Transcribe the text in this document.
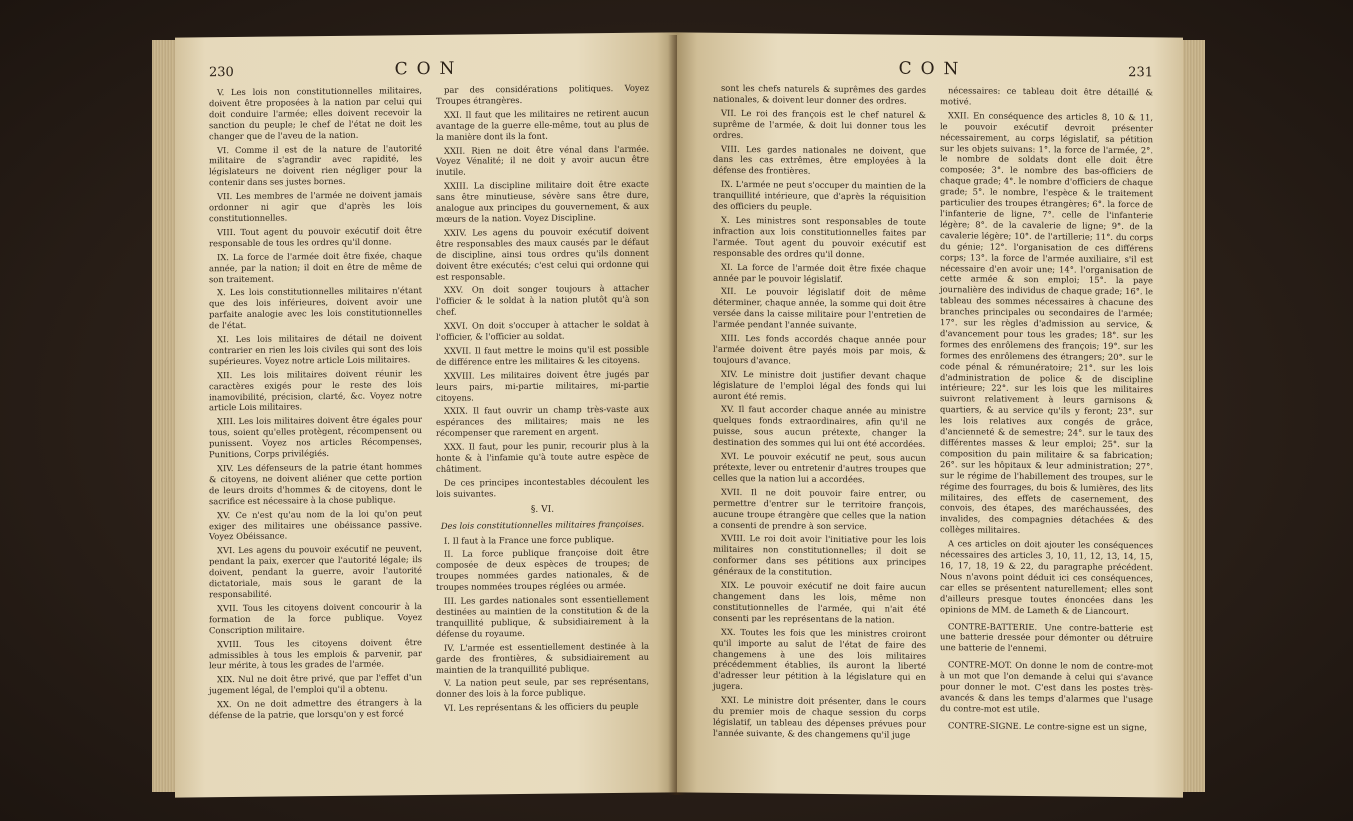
230	CON

V. Les lois non constitutionnelles militaires, doivent être proposées à la nation par celui qui doit conduire l'armée; elles doivent recevoir la sanction du peuple; le chef de l'état ne doit les changer que de l'aveu de la nation.

VI. Comme il est de la nature de l'autorité militaire de s'agrandir avec rapidité, les législateurs ne doivent rien négliger pour la contenir dans ses justes bornes.

VII. Les membres de l'armée ne doivent jamais ordonner ni agir que d'après les lois constitutionnelles.

VIII. Tout agent du pouvoir exécutif doit être responsable de tous les ordres qu'il donne.

IX. La force de l'armée doit être fixée, chaque année, par la nation; il doit en être de même de son traitement.

X. Les lois constitutionnelles militaires n'étant que des lois inférieures, doivent avoir une parfaite analogie avec les lois constitutionnelles de l'état.

XI. Les lois militaires de détail ne doivent contrarier en rien les lois civiles qui sont des lois supérieures. Voyez notre article Lois militaires.

XII. Les lois militaires doivent réunir les caractères exigés pour le reste des lois inamovibilité, précision, clarté, &c. Voyez notre article Lois militaires.

XIII. Les lois militaires doivent être égales pour tous, soient qu'elles protègent, récompensent ou punissent. Voyez nos articles Récompenses, Punitions, Corps privilégiés.

XIV. Les défenseurs de la patrie étant hommes & citoyens, ne doivent aliéner que cette portion de leurs droits d'hommes & de citoyens, dont le sacrifice est nécessaire à la chose publique.

XV. Ce n'est qu'au nom de la loi qu'on peut exiger des militaires une obéissance passive. Voyez Obéissance.

XVI. Les agens du pouvoir exécutif ne peuvent, pendant la paix, exercer que l'autorité légale; ils doivent, pendant la guerre, avoir l'autorité dictatoriale, mais sous le garant de la responsabilité.

XVII. Tous les citoyens doivent concourir à la formation de la force publique. Voyez Conscription militaire.

XVIII. Tous les citoyens doivent être admissibles à tous les emplois & parvenir, par leur mérite, à tous les grades de l'armée.

XIX. Nul ne doit être privé, que par l'effet d'un jugement légal, de l'emploi qu'il a obtenu.

XX. On ne doit admettre des étrangers à la défense de la patrie, que lorsqu'on y est forcé

par des considérations politiques. Voyez Troupes étrangères.

XXI. Il faut que les militaires ne retirent aucun avantage de la guerre elle-même, tout au plus de la manière dont ils la font.

XXII. Rien ne doit être vénal dans l'armée. Voyez Vénalité; il ne doit y avoir aucun être inutile.

XXIII. La discipline militaire doit être exacte sans être minutieuse, sévère sans être dure, analogue aux principes du gouvernement, & aux mœurs de la nation. Voyez Discipline.

XXIV. Les agens du pouvoir exécutif doivent être responsables des maux causés par le défaut de discipline, ainsi tous ordres qu'ils donnent doivent être exécutés; c'est celui qui ordonne qui est responsable.

XXV. On doit songer toujours à attacher l'officier & le soldat à la nation plutôt qu'à son chef.

XXVI. On doit s'occuper à attacher le soldat à l'officier, & l'officier au soldat.

XXVII. Il faut mettre le moins qu'il est possible de différence entre les militaires & les citoyens.

XXVIII. Les militaires doivent être jugés par leurs pairs, mi-partie militaires, mi-partie citoyens.

XXIX. Il faut ouvrir un champ très-vaste aux espérances des militaires; mais ne les récompenser que rarement en argent.

XXX. Il faut, pour les punir, recourir plus à la honte & à l'infamie qu'à toute autre espèce de châtiment.

De ces principes incontestables découlent les lois suivantes.

§. VI.

Des lois constitutionnelles militaires françoises.

I. Il faut à la France une force publique.

II. La force publique françoise doit être composée de deux espèces de troupes; de troupes nommées gardes nationales, & de troupes nommées troupes réglées ou armée.

III. Les gardes nationales sont essentiellement destinées au maintien de la constitution & de la tranquillité publique, & subsidiairement à la défense du royaume.

IV. L'armée est essentiellement destinée à la garde des frontières, & subsidiairement au maintien de la tranquillité publique.

V. La nation peut seule, par ses représentans, donner des lois à la force publique.

VI. Les représentans & les officiers du peuple

CON	231

sont les chefs naturels & suprêmes des gardes nationales, & doivent leur donner des ordres.

VII. Le roi des françois est le chef naturel & suprême de l'armée, & doit lui donner tous les ordres.

VIII. Les gardes nationales ne doivent, que dans les cas extrêmes, être employées à la défense des frontières.

IX. L'armée ne peut s'occuper du maintien de la tranquillité intérieure, que d'après la réquisition des officiers du peuple.

X. Les ministres sont responsables de toute infraction aux lois constitutionnelles faites par l'armée. Tout agent du pouvoir exécutif est responsable des ordres qu'il donne.

XI. La force de l'armée doit être fixée chaque année par le pouvoir législatif.

XII. Le pouvoir législatif doit de même déterminer, chaque année, la somme qui doit être versée dans la caisse militaire pour l'entretien de l'armée pendant l'année suivante.

XIII. Les fonds accordés chaque année pour l'armée doivent être payés mois par mois, & toujours d'avance.

XIV. Le ministre doit justifier devant chaque législature de l'emploi légal des fonds qui lui auront été remis.

XV. Il faut accorder chaque année au ministre quelques fonds extraordinaires, afin qu'il ne puisse, sous aucun prétexte, changer la destination des sommes qui lui ont été accordées.

XVI. Le pouvoir exécutif ne peut, sous aucun prétexte, lever ou entretenir d'autres troupes que celles que la nation lui a accordées.

XVII. Il ne doit pouvoir faire entrer, ou permettre d'entrer sur le territoire françois, aucune troupe étrangère que celles que la nation a consenti de prendre à son service.

XVIII. Le roi doit avoir l'initiative pour les lois militaires non constitutionnelles; il doit se conformer dans ses pétitions aux principes généraux de la constitution.

XIX. Le pouvoir exécutif ne doit faire aucun changement dans les lois, même non constitutionnelles de l'armée, qui n'ait été consenti par les représentans de la nation.

XX. Toutes les fois que les ministres croiront qu'il importe au salut de l'état de faire des changemens à une des lois militaires précédemment établies, ils auront la liberté d'adresser leur pétition à la législature qui en jugera.

XXI. Le ministre doit présenter, dans le cours du premier mois de chaque session du corps législatif, un tableau des dépenses prévues pour l'année suivante, & des changemens qu'il juge

nécessaires: ce tableau doit être détaillé & motivé.

XXII. En conséquence des articles 8, 10 & 11, le pouvoir exécutif devroit présenter nécessairement, au corps législatif, sa pétition sur les objets suivans: 1°. la force de l'armée, 2°. le nombre de soldats dont elle doit être composée; 3°. le nombre des bas-officiers de chaque grade; 4°. le nombre d'officiers de chaque grade; 5°. le nombre, l'espèce & le traitement particulier des troupes étrangères; 6°. la force de l'infanterie de ligne, 7°. celle de l'infanterie légère; 8°. de la cavalerie de ligne; 9°. de la cavalerie légère; 10°. de l'artillerie; 11°. du corps du génie; 12°. l'organisation de ces différens corps; 13°. la force de l'armée auxiliaire, s'il est nécessaire d'en avoir une; 14°. l'organisation de cette armée & son emploi; 15°. la paye journalière des individus de chaque grade; 16°. le tableau des sommes nécessaires à chacune des branches principales ou secondaires de l'armée; 17°. sur les règles d'admission au service, & d'avancement pour tous les grades; 18°. sur les formes des enrôlemens des françois; 19°. sur les formes des enrôlemens des étrangers; 20°. sur le code pénal & rémunératoire; 21°. sur les lois d'administration de police & de discipline intérieure; 22°. sur les lois que les militaires suivront relativement à leurs garnisons & quartiers, & au service qu'ils y feront; 23°. sur les lois relatives aux congés de grâce, d'ancienneté & de semestre; 24°. sur le taux des différentes masses & leur emploi; 25°. sur la composition du pain militaire & sa fabrication; 26°. sur les hôpitaux & leur administration; 27°. sur le régime de l'habillement des troupes, sur le régime des fourrages, du bois & lumières, des lits militaires, des effets de casernement, des convois, des étapes, des maréchaussées, des invalides, des compagnies détachées & des collèges militaires.

A ces articles on doit ajouter les conséquences nécessaires des articles 3, 10, 11, 12, 13, 14, 15, 16, 17, 18, 19 & 22, du paragraphe précédent. Nous n'avons point déduit ici ces conséquences, car elles se présentent naturellement; elles sont d'ailleurs presque toutes énoncées dans les opinions de MM. de Lameth & de Liancourt.

CONTRE-BATTERIE. Une contre-batterie est une batterie dressée pour démonter ou détruire une batterie de l'ennemi.

CONTRE-MOT. On donne le nom de contre-mot à un mot que l'on demande à celui qui s'avance pour donner le mot. C'est dans les postes très-avancés & dans les temps d'alarmes que l'usage du contre-mot est utile.

CONTRE-SIGNE. Le contre-signe est un signe,
